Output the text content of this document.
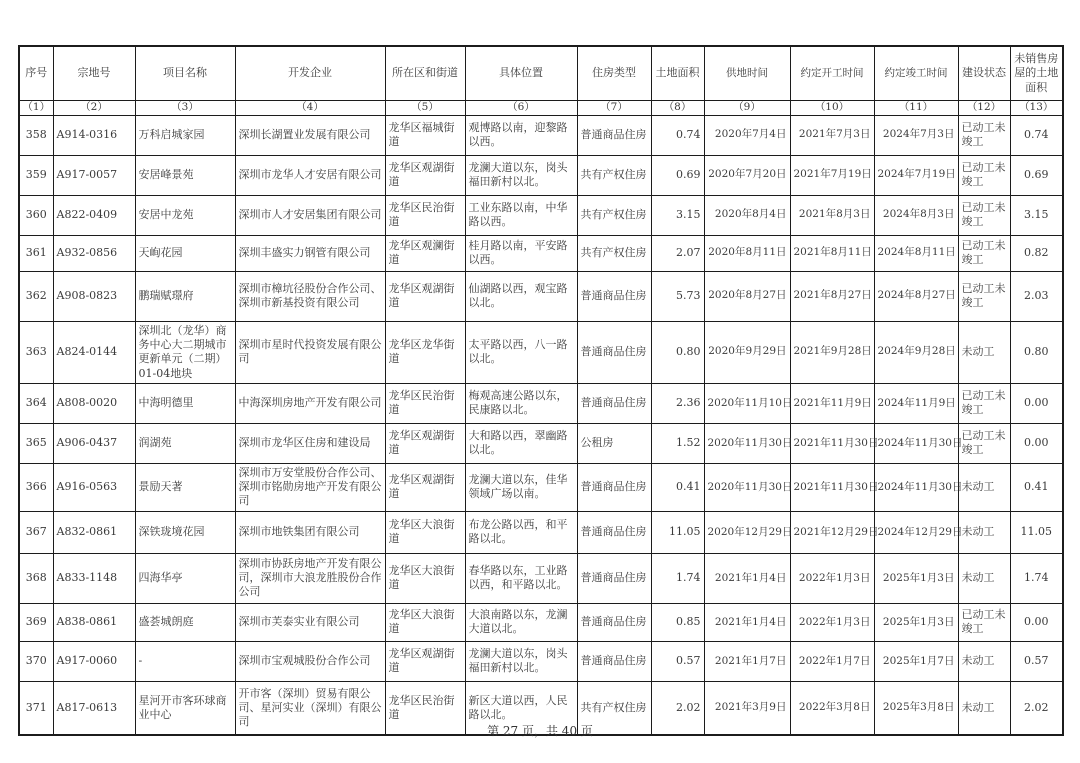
序号	宗地号	项目名称	开发企业	所在区和街道	具体位置	住房类型	土地面积	供地时间	约定开工时间	约定竣工时间	建设状态	未销售房屋的土地面积
（1）	（2）	（3）	（4）	（5）	（6）	（7）	（8）	（9）	（10）	（11）	（12）	（13）
358	A914-0316	万科启城家园	深圳长湖置业发展有限公司	龙华区福城街道	观博路以南，迎黎路以西。	普通商品住房	0.74	2020年7月4日	2021年7月3日	2024年7月3日	已动工未竣工	0.74
359	A917-0057	安居峰景苑	深圳市龙华人才安居有限公司	龙华区观湖街道	龙澜大道以东，岗头福田新村以北。	共有产权住房	0.69	2020年7月20日	2021年7月19日	2024年7月19日	已动工未竣工	0.69
360	A822-0409	安居中龙苑	深圳市人才安居集团有限公司	龙华区民治街道	工业东路以南，中华路以西。	共有产权住房	3.15	2020年8月4日	2021年8月3日	2024年8月3日	已动工未竣工	3.15
361	A932-0856	天峋花园	深圳丰盛实力钢管有限公司	龙华区观澜街道	桂月路以南，平安路以西。	共有产权住房	2.07	2020年8月11日	2021年8月11日	2024年8月11日	已动工未竣工	0.82
362	A908-0823	鹏瑞赋璟府	深圳市樟坑径股份合作公司、深圳市新基投资有限公司	龙华区观湖街道	仙湖路以西，观宝路以北。	普通商品住房	5.73	2020年8月27日	2021年8月27日	2024年8月27日	已动工未竣工	2.03
363	A824-0144	深圳北（龙华）商务中心大二期城市更新单元（二期）01-04地块	深圳市星时代投资发展有限公司	龙华区龙华街道	太平路以西，八一路以北。	普通商品住房	0.80	2020年9月29日	2021年9月28日	2024年9月28日	未动工	0.80
364	A808-0020	中海明德里	中海深圳房地产开发有限公司	龙华区民治街道	梅观高速公路以东，民康路以北。	普通商品住房	2.36	2020年11月10日	2021年11月9日	2024年11月9日	已动工未竣工	0.00
365	A906-0437	润湖苑	深圳市龙华区住房和建设局	龙华区观湖街道	大和路以西，翠幽路以北。	公租房	1.52	2020年11月30日	2021年11月30日	2024年11月30日	已动工未竣工	0.00
366	A916-0563	景励天著	深圳市万安堂股份合作公司、深圳市铭勋房地产开发有限公司	龙华区观湖街道	龙澜大道以东，佳华领域广场以南。	普通商品住房	0.41	2020年11月30日	2021年11月30日	2024年11月30日	未动工	0.41
367	A832-0861	深铁珑境花园	深圳市地铁集团有限公司	龙华区大浪街道	布龙公路以西，和平路以北。	普通商品住房	11.05	2020年12月29日	2021年12月29日	2024年12月29日	未动工	11.05
368	A833-1148	四海华亭	深圳市协跃房地产开发有限公司，深圳市大浪龙胜股份合作公司	龙华区大浪街道	春华路以东，工业路以西，和平路以北。	普通商品住房	1.74	2021年1月4日	2022年1月3日	2025年1月3日	未动工	1.74
369	A838-0861	盛荟城朗庭	深圳市芙泰实业有限公司	龙华区大浪街道	大浪南路以东，龙澜大道以北。	普通商品住房	0.85	2021年1月4日	2022年1月3日	2025年1月3日	已动工未竣工	0.00
370	A917-0060	-	深圳市宝观城股份合作公司	龙华区观湖街道	龙澜大道以东，岗头福田新村以北。	普通商品住房	0.57	2021年1月7日	2022年1月7日	2025年1月7日	未动工	0.57
371	A817-0613	星河开市客环球商业中心	开市客（深圳）贸易有限公司、星河实业（深圳）有限公司	龙华区民治街道	新区大道以西，人民路以北。	共有产权住房	2.02	2021年3月9日	2022年3月8日	2025年3月8日	未动工	2.02
第 27 页，共 40 页
